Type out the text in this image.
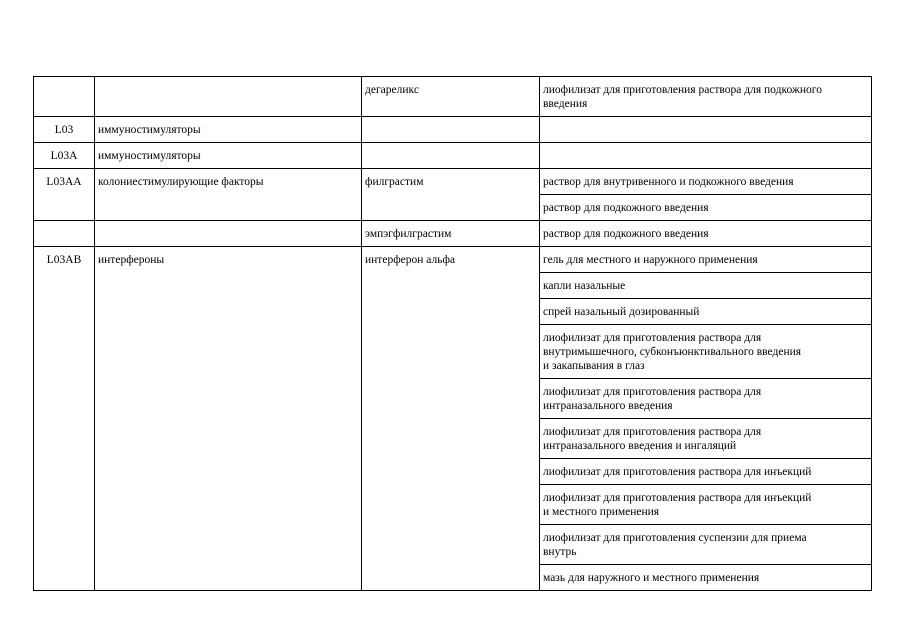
		дегареликс	лиофилизат для приготовления раствора для подкожного
введения
L03	иммуностимуляторы		
L03A	иммуностимуляторы		
L03AA	колониестимулирующие факторы	филграстим	раствор для внутривенного и подкожного введения
			раствор для подкожного введения
		эмпэгфилграстим	раствор для подкожного введения
L03AB	интерфероны	интерферон альфа	гель для местного и наружного применения
			капли назальные
			спрей назальный дозированный
			лиофилизат для приготовления раствора для
внутримышечного, субконъюнктивального введения
и закапывания в глаз
			лиофилизат для приготовления раствора для
интраназального введения
			лиофилизат для приготовления раствора для
интраназального введения и ингаляций
			лиофилизат для приготовления раствора для инъекций
			лиофилизат для приготовления раствора для инъекций
и местного применения
			лиофилизат для приготовления суспензии для приема
внутрь
			мазь для наружного и местного применения
